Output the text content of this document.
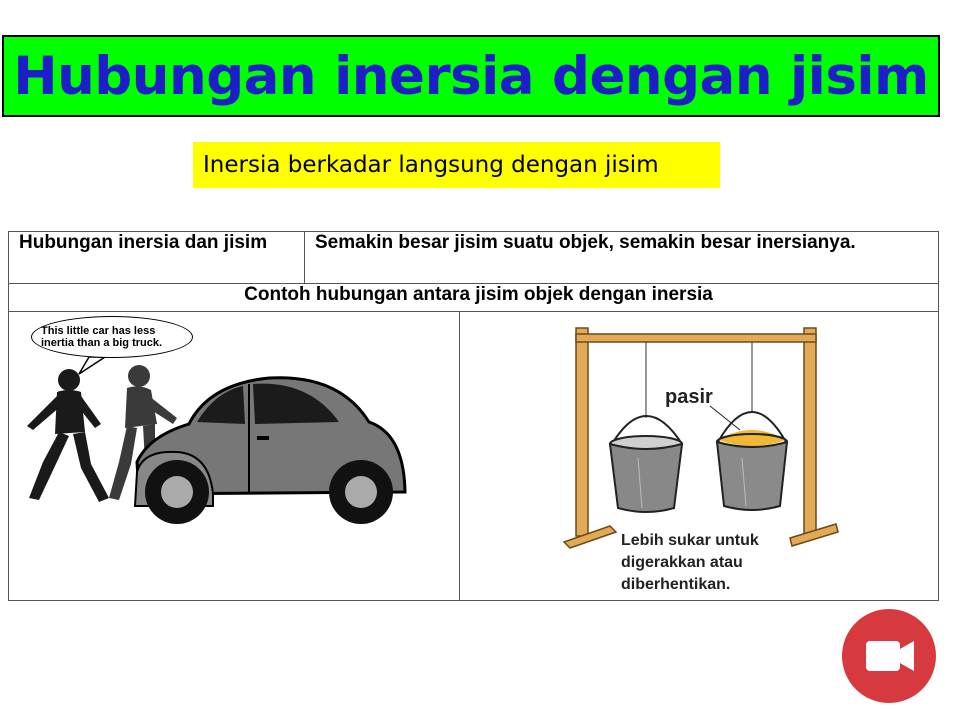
Hubungan inersia dengan jisim
Inersia berkadar langsung dengan jisim
Hubungan inersia dan jisim	Semakin besar jisim suatu objek, semakin besar inersianya.	
Contoh hubungan antara jisim objek dengan inersia		

This little car has less inertia than a big truck.		pasir
Lebih sukar untuk digerakkan atau diberhentikan.
